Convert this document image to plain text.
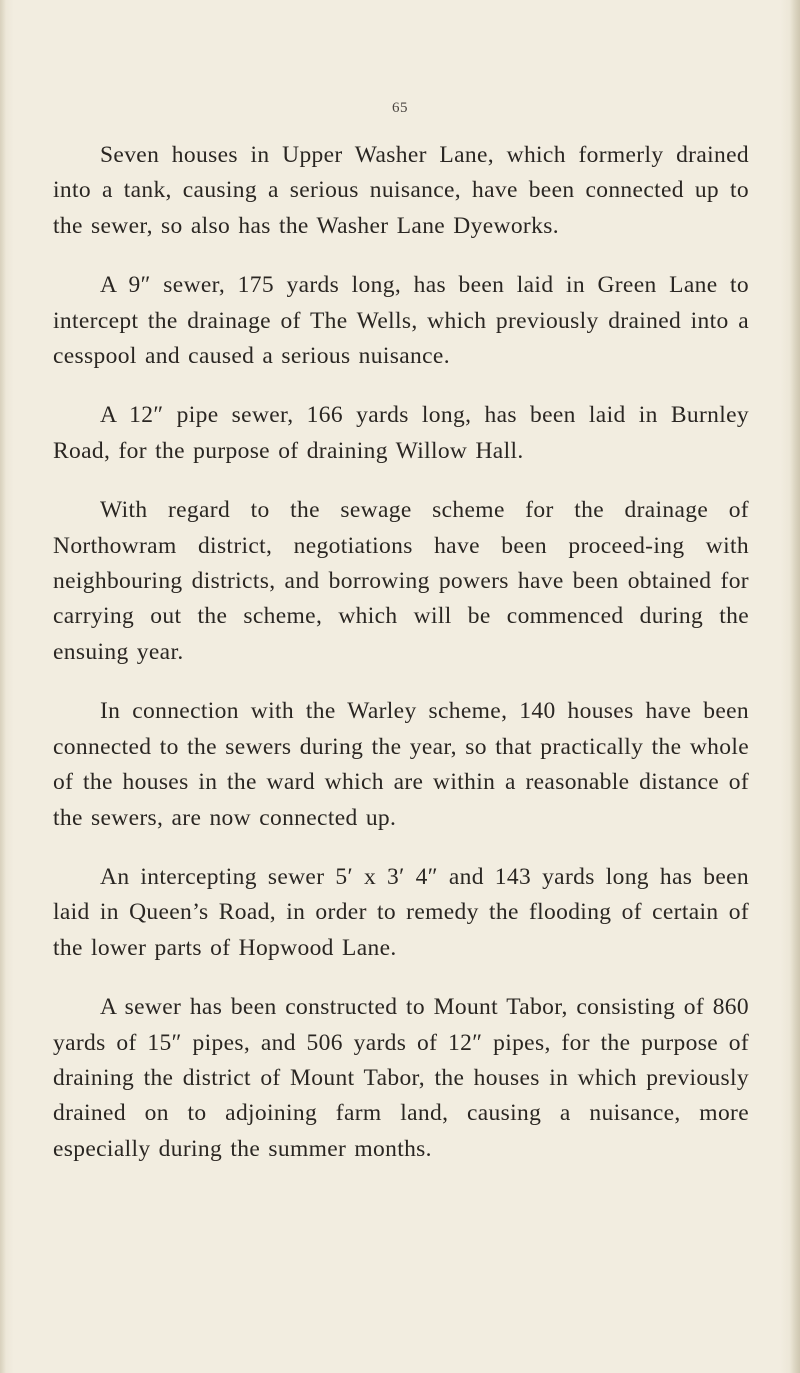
65

Seven houses in Upper Washer Lane, which formerly drained into a tank, causing a serious nuisance, have been connected up to the sewer, so also has the Washer Lane Dyeworks.

A 9″ sewer, 175 yards long, has been laid in Green Lane to intercept the drainage of The Wells, which previously drained into a cesspool and caused a serious nuisance.

A 12″ pipe sewer, 166 yards long, has been laid in Burnley Road, for the purpose of draining Willow Hall.

With regard to the sewage scheme for the drainage of Northowram district, negotiations have been proceed-ing with neighbouring districts, and borrowing powers have been obtained for carrying out the scheme, which will be commenced during the ensuing year.

In connection with the Warley scheme, 140 houses have been connected to the sewers during the year, so that practically the whole of the houses in the ward which are within a reasonable distance of the sewers, are now connected up.

An intercepting sewer 5′ x 3′ 4″ and 143 yards long has been laid in Queen’s Road, in order to remedy the flooding of certain of the lower parts of Hopwood Lane.

A sewer has been constructed to Mount Tabor, consisting of 860 yards of 15″ pipes, and 506 yards of 12″ pipes, for the purpose of draining the district of Mount Tabor, the houses in which previously drained on to adjoining farm land, causing a nuisance, more especially during the summer months.
